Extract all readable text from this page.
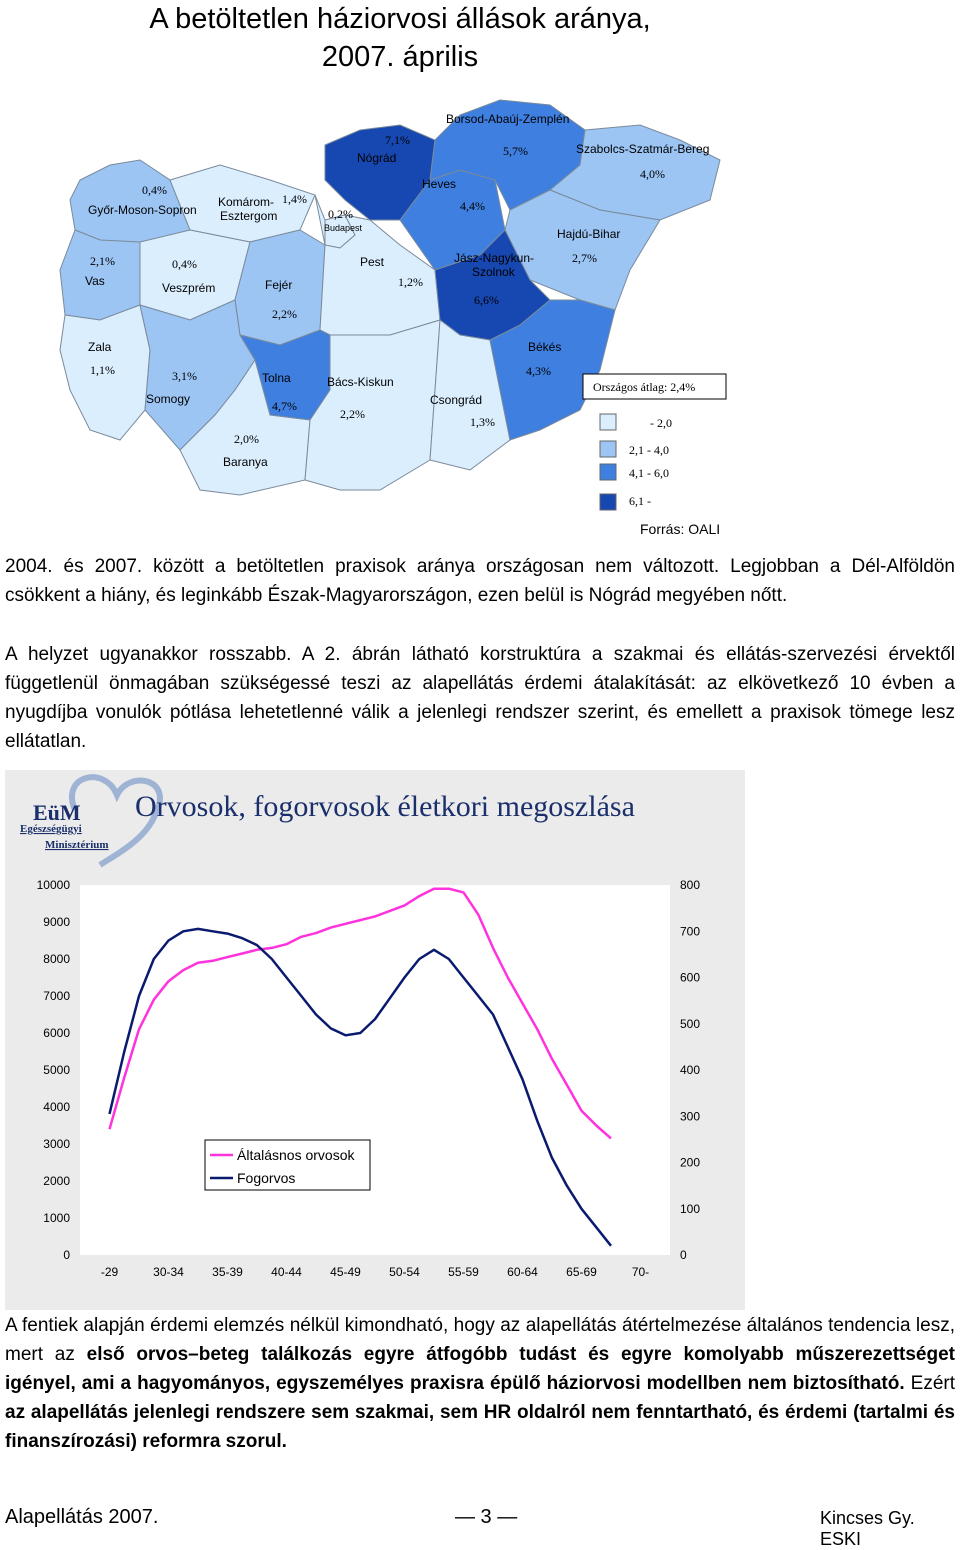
A betöltetlen háziorvosi állások aránya,
2007. április
0,4%
Győr-Moson-Sopron
Komárom-
Esztergom
1,4%
0,2%
Budapest
7,1%
Nógrád
Borsod-Abaúj-Zemplén
5,7%	Szabolcs-Szatmár-Bereg
4,0%
Heves
4,4%
Hajdú-Bihar
2,7%
2,1%
Vas
0,4%
Veszprém	Fejér
2,2%
Pest
1,2%
Jász-Nagykun-
Szolnok
6,6%
Zala
1,1%	3,1%
Somogy
Tolna
4,7%
2,0%
Baranya
Bács-Kiskun
2,2%
Csongrád
1,3%
Békés
4,3%
Országos átlag: 2,4%
- 2,0
2,1 - 4,0
4,1 - 6,0
6,1 -
Forrás: OALI
2004. és 2007. között a betöltetlen praxisok aránya országosan nem változott. Legjobban a Dél-Alföldön csökkent a hiány, és leginkább Észak-Magyarországon, ezen belül is Nógrád megyében nőtt.
A helyzet ugyanakkor rosszabb. A 2. ábrán látható korstruktúra a szakmai és ellátás-szervezési érvektől függetlenül önmagában szükségessé teszi az alapellátás érdemi átalakítását: az elkövetkező 10 évben a nyugdíjba vonulók pótlása lehetetlenné válik a jelenlegi rendszer szerint, és emellett a praxisok tömege lesz ellátatlan.
EüM
Egészségügyi
Minisztérium
Orvosok, fogorvosok életkori megoszlása
0
1000
2000
3000
4000
5000
6000
7000
8000
9000
10000
0
100
200
300
400
500
600
700
800
-29	30-34 35-39 40-44 45-49 50-54 55-59 60-64 65-69	70-
Általásnos orvosok
Fogorvos
A fentiek alapján érdemi elemzés nélkül kimondható, hogy az alapellátás átértelmezése általános tendencia lesz, mert az első orvos–beteg találkozás egyre átfogóbb tudást és egyre komolyabb műszerezettséget igényel, ami a hagyományos, egyszemélyes praxisra épülő háziorvosi modellben nem biztosítható. Ezért az alapellátás jelenlegi rendszere sem szakmai, sem HR oldalról nem fenntartható, és érdemi (tartalmi és finanszírozási) reformra szorul.
Alapellátás 2007.	— 3 —	Kincses Gy. ESKI
